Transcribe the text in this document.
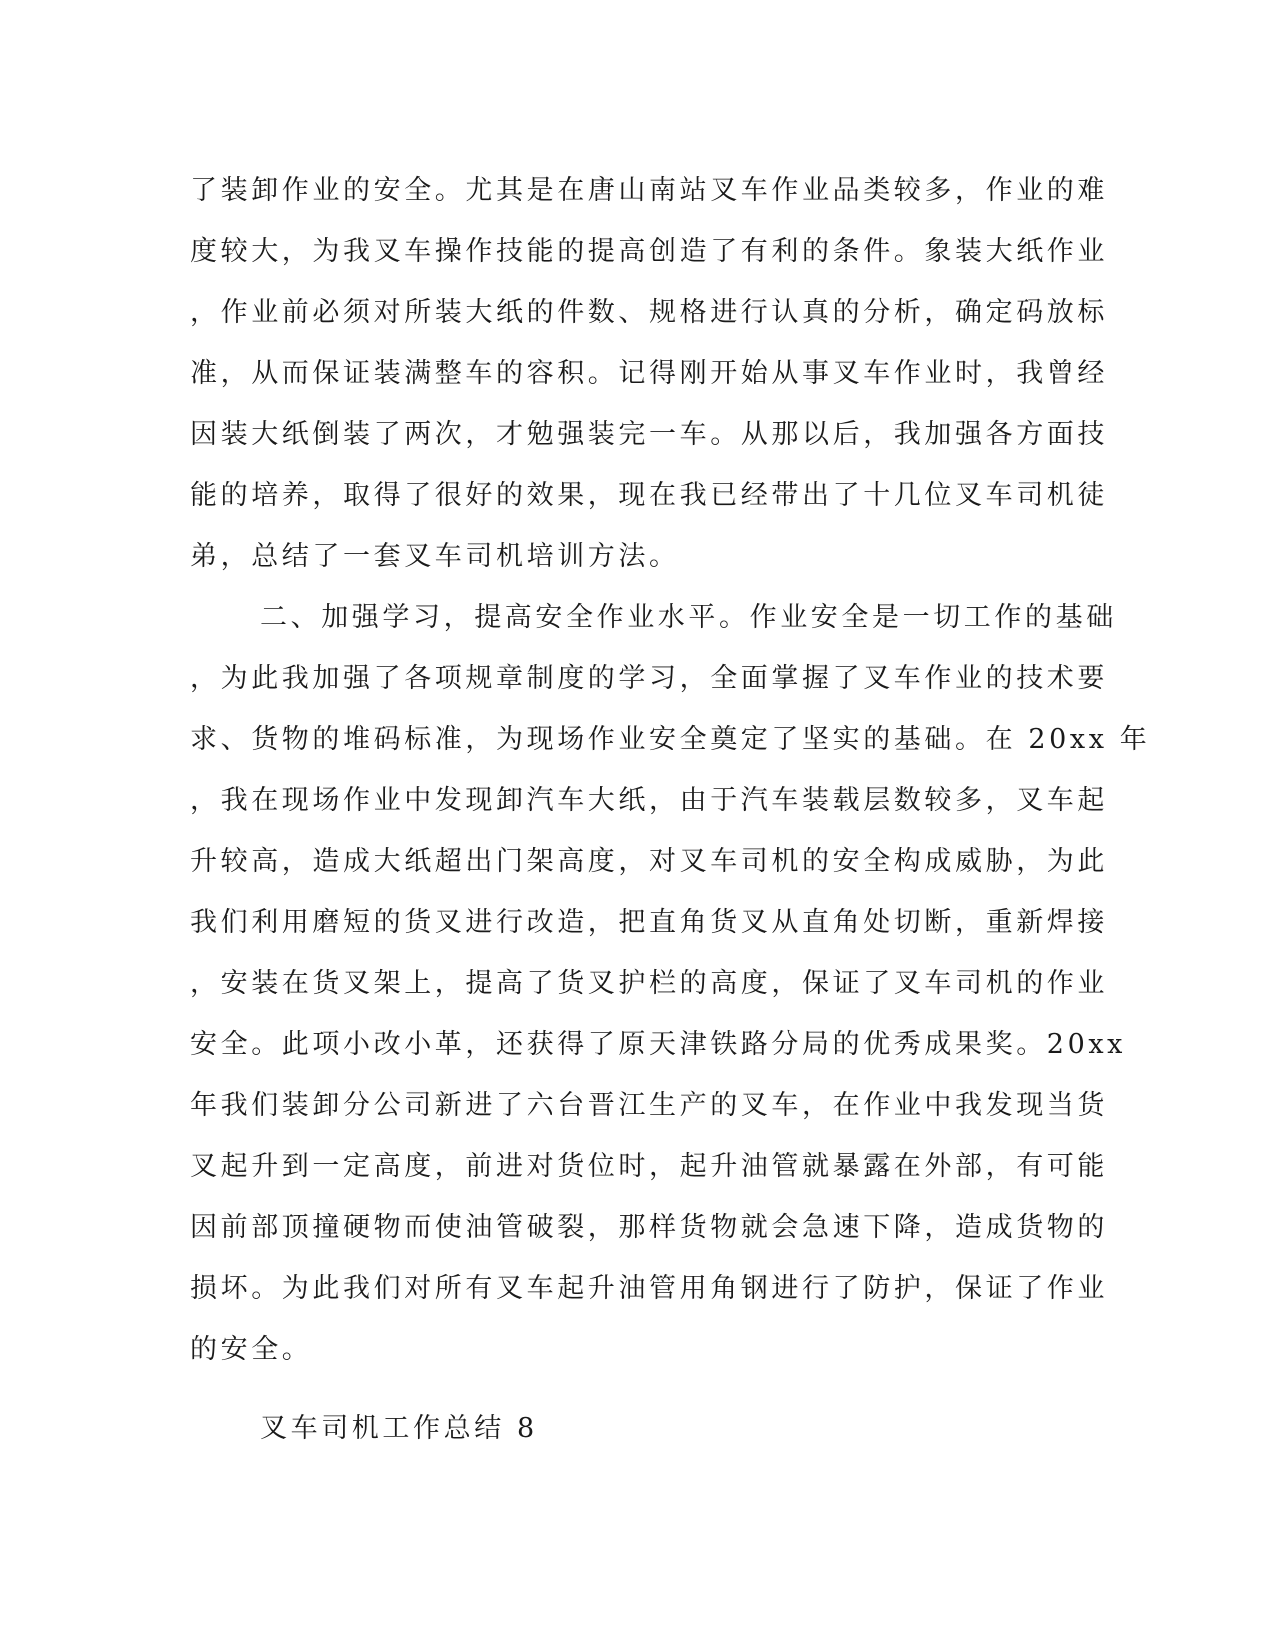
了装卸作业的安全。尤其是在唐山南站叉车作业品类较多，作业的难
度较大，为我叉车操作技能的提高创造了有利的条件。象装大纸作业
，作业前必须对所装大纸的件数、规格进行认真的分析，确定码放标
准，从而保证装满整车的容积。记得刚开始从事叉车作业时，我曾经
因装大纸倒装了两次，才勉强装完一车。从那以后，我加强各方面技
能的培养，取得了很好的效果，现在我已经带出了十几位叉车司机徒
弟，总结了一套叉车司机培训方法。
二、加强学习，提高安全作业水平。作业安全是一切工作的基础
，为此我加强了各项规章制度的学习，全面掌握了叉车作业的技术要
求、货物的堆码标准，为现场作业安全奠定了坚实的基础。在 20xx 年
，我在现场作业中发现卸汽车大纸，由于汽车装载层数较多，叉车起
升较高，造成大纸超出门架高度，对叉车司机的安全构成威胁，为此
我们利用磨短的货叉进行改造，把直角货叉从直角处切断，重新焊接
，安装在货叉架上，提高了货叉护栏的高度，保证了叉车司机的作业
安全。此项小改小革，还获得了原天津铁路分局的优秀成果奖。20xx
年我们装卸分公司新进了六台晋江生产的叉车，在作业中我发现当货
叉起升到一定高度，前进对货位时，起升油管就暴露在外部，有可能
因前部顶撞硬物而使油管破裂，那样货物就会急速下降，造成货物的
损坏。为此我们对所有叉车起升油管用角钢进行了防护，保证了作业
的安全。
叉车司机工作总结 8
